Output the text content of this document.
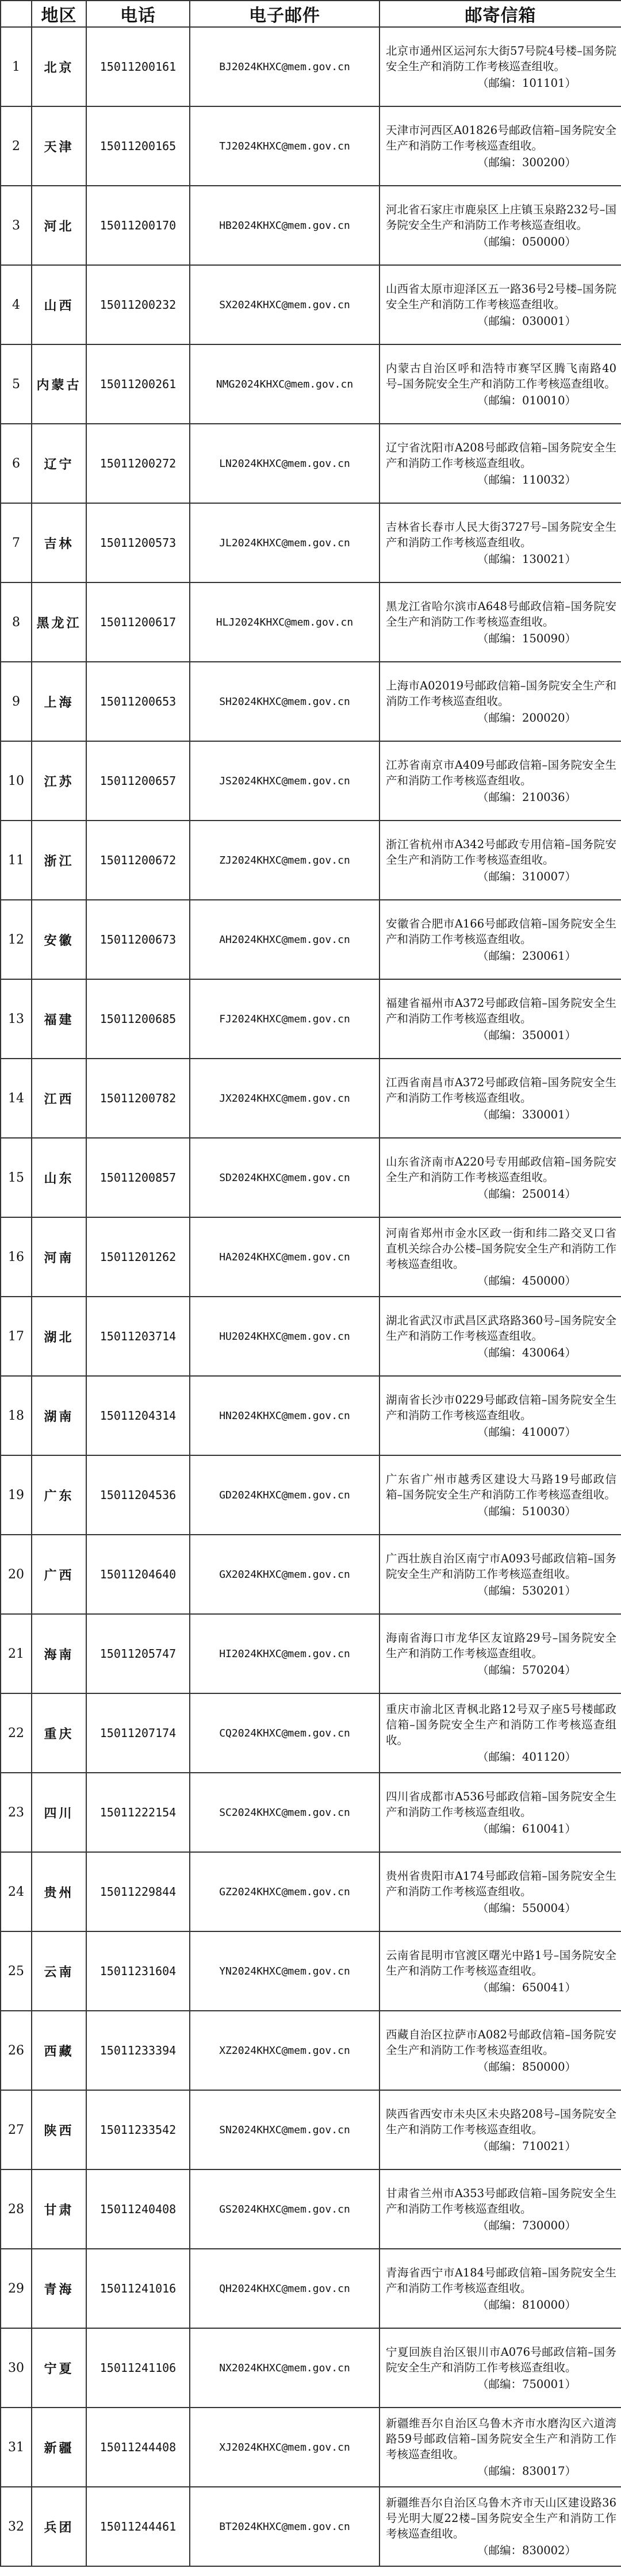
	地区	电话	电子邮件	邮寄信箱
1	北京	15011200161	BJ2024KHXC@mem.gov.cn	北京市通州区运河东大街57号院4号楼–国务院安全生产和消防工作考核巡查组收。
（邮编：101101）

2	天津	15011200165	TJ2024KHXC@mem.gov.cn	天津市河西区A01826号邮政信箱–国务院安全生产和消防工作考核巡查组收。
（邮编：300200）

3	河北	15011200170	HB2024KHXC@mem.gov.cn	河北省石家庄市鹿泉区上庄镇玉泉路232号–国务院安全生产和消防工作考核巡查组收。
（邮编：050000）

4	山西	15011200232	SX2024KHXC@mem.gov.cn	山西省太原市迎泽区五一路36号2号楼–国务院安全生产和消防工作考核巡查组收。
（邮编：030001）

5	内蒙古	15011200261	NMG2024KHXC@mem.gov.cn	内蒙古自治区呼和浩特市赛罕区腾飞南路40号–国务院安全生产和消防工作考核巡查组收。
（邮编：010010）

6	辽宁	15011200272	LN2024KHXC@mem.gov.cn	辽宁省沈阳市A208号邮政信箱–国务院安全生产和消防工作考核巡查组收。
（邮编：110032）

7	吉林	15011200573	JL2024KHXC@mem.gov.cn	吉林省长春市人民大街3727号–国务院安全生产和消防工作考核巡查组收。
（邮编：130021）

8	黑龙江	15011200617	HLJ2024KHXC@mem.gov.cn	黑龙江省哈尔滨市A648号邮政信箱–国务院安全生产和消防工作考核巡查组收。
（邮编：150090）

9	上海	15011200653	SH2024KHXC@mem.gov.cn	上海市A02019号邮政信箱–国务院安全生产和消防工作考核巡查组收。
（邮编：200020）

10	江苏	15011200657	JS2024KHXC@mem.gov.cn	江苏省南京市A409号邮政信箱–国务院安全生产和消防工作考核巡查组收。
（邮编：210036）

11	浙江	15011200672	ZJ2024KHXC@mem.gov.cn	浙江省杭州市A342号邮政专用信箱–国务院安全生产和消防工作考核巡查组收。
（邮编：310007）

12	安徽	15011200673	AH2024KHXC@mem.gov.cn	安徽省合肥市A166号邮政信箱–国务院安全生产和消防工作考核巡查组收。
（邮编：230061）

13	福建	15011200685	FJ2024KHXC@mem.gov.cn	福建省福州市A372号邮政信箱–国务院安全生产和消防工作考核巡查组收。
（邮编：350001）

14	江西	15011200782	JX2024KHXC@mem.gov.cn	江西省南昌市A372号邮政信箱–国务院安全生产和消防工作考核巡查组收。
（邮编：330001）

15	山东	15011200857	SD2024KHXC@mem.gov.cn	山东省济南市A220号专用邮政信箱–国务院安全生产和消防工作考核巡查组收。
（邮编：250014）

16	河南	15011201262	HA2024KHXC@mem.gov.cn	河南省郑州市金水区政一街和纬二路交叉口省直机关综合办公楼–国务院安全生产和消防工作考核巡查组收。
（邮编：450000）

17	湖北	15011203714	HU2024KHXC@mem.gov.cn	湖北省武汉市武昌区武珞路360号–国务院安全生产和消防工作考核巡查组收。
（邮编：430064）

18	湖南	15011204314	HN2024KHXC@mem.gov.cn	湖南省长沙市0229号邮政信箱–国务院安全生产和消防工作考核巡查组收。
（邮编：410007）

19	广东	15011204536	GD2024KHXC@mem.gov.cn	广东省广州市越秀区建设大马路19号邮政信箱–国务院安全生产和消防工作考核巡查组收。
（邮编：510030）

20	广西	15011204640	GX2024KHXC@mem.gov.cn	广西壮族自治区南宁市A093号邮政信箱–国务院安全生产和消防工作考核巡查组收。
（邮编：530201）

21	海南	15011205747	HI2024KHXC@mem.gov.cn	海南省海口市龙华区友谊路29号–国务院安全生产和消防工作考核巡查组收。
（邮编：570204）

22	重庆	15011207174	CQ2024KHXC@mem.gov.cn	重庆市渝北区青枫北路12号双子座5号楼邮政信箱–国务院安全生产和消防工作考核巡查组收。
（邮编：401120）

23	四川	15011222154	SC2024KHXC@mem.gov.cn	四川省成都市A536号邮政信箱–国务院安全生产和消防工作考核巡查组收。
（邮编：610041）

24	贵州	15011229844	GZ2024KHXC@mem.gov.cn	贵州省贵阳市A174号邮政信箱–国务院安全生产和消防工作考核巡查组收。
（邮编：550004）

25	云南	15011231604	YN2024KHXC@mem.gov.cn	云南省昆明市官渡区曙光中路1号–国务院安全生产和消防工作考核巡查组收。
（邮编：650041）

26	西藏	15011233394	XZ2024KHXC@mem.gov.cn	西藏自治区拉萨市A082号邮政信箱–国务院安全生产和消防工作考核巡查组收。
（邮编：850000）

27	陕西	15011233542	SN2024KHXC@mem.gov.cn	陕西省西安市未央区未央路208号–国务院安全生产和消防工作考核巡查组收。
（邮编：710021）

28	甘肃	15011240408	GS2024KHXC@mem.gov.cn	甘肃省兰州市A353号邮政信箱–国务院安全生产和消防工作考核巡查组收。
（邮编：730000）

29	青海	15011241016	QH2024KHXC@mem.gov.cn	青海省西宁市A184号邮政信箱–国务院安全生产和消防工作考核巡查组收。
（邮编：810000）

30	宁夏	15011241106	NX2024KHXC@mem.gov.cn	宁夏回族自治区银川市A076号邮政信箱–国务院安全生产和消防工作考核巡查组收。
（邮编：750001）

31	新疆	15011244408	XJ2024KHXC@mem.gov.cn	新疆维吾尔自治区乌鲁木齐市水磨沟区六道湾路59号邮政信箱–国务院安全生产和消防工作考核巡查组收。
（邮编：830017）

32	兵团	15011244461	BT2024KHXC@mem.gov.cn	新疆维吾尔自治区乌鲁木齐市天山区建设路36号光明大厦22楼–国务院安全生产和消防工作考核巡查组收。
（邮编：830002）
